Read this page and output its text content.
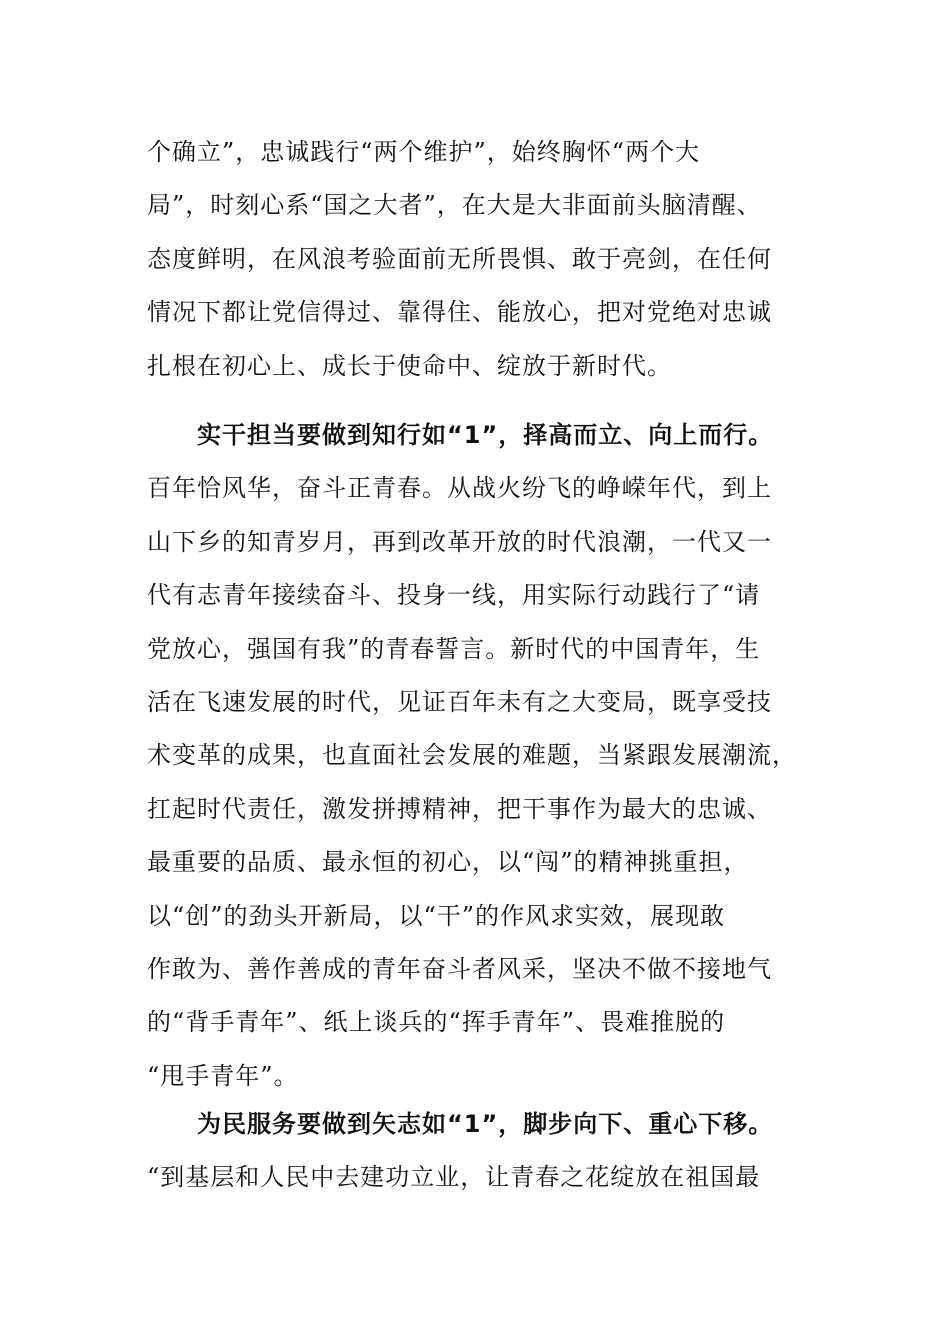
个确立”，忠诚践行“两个维护”，始终胸怀“两个大
局”，时刻心系“国之大者”，在大是大非面前头脑清醒、
态度鲜明，在风浪考验面前无所畏惧、敢于亮剑，在任何
情况下都让党信得过、靠得住、能放心，把对党绝对忠诚
扎根在初心上、成长于使命中、绽放于新时代。
实干担当要做到知行如“1”，择高而立、向上而行。
百年恰风华，奋斗正青春。从战火纷飞的峥嵘年代，到上
山下乡的知青岁月，再到改革开放的时代浪潮，一代又一
代有志青年接续奋斗、投身一线，用实际行动践行了“请
党放心，强国有我”的青春誓言。新时代的中国青年，生
活在飞速发展的时代，见证百年未有之大变局，既享受技
术变革的成果，也直面社会发展的难题，当紧跟发展潮流，
扛起时代责任，激发拼搏精神，把干事作为最大的忠诚、
最重要的品质、最永恒的初心，以“闯”的精神挑重担，
以“创”的劲头开新局，以“干”的作风求实效，展现敢
作敢为、善作善成的青年奋斗者风采，坚决不做不接地气
的“背手青年”、纸上谈兵的“挥手青年”、畏难推脱的
“甩手青年”。
为民服务要做到矢志如“1”，脚步向下、重心下移。
“到基层和人民中去建功立业，让青春之花绽放在祖国最
